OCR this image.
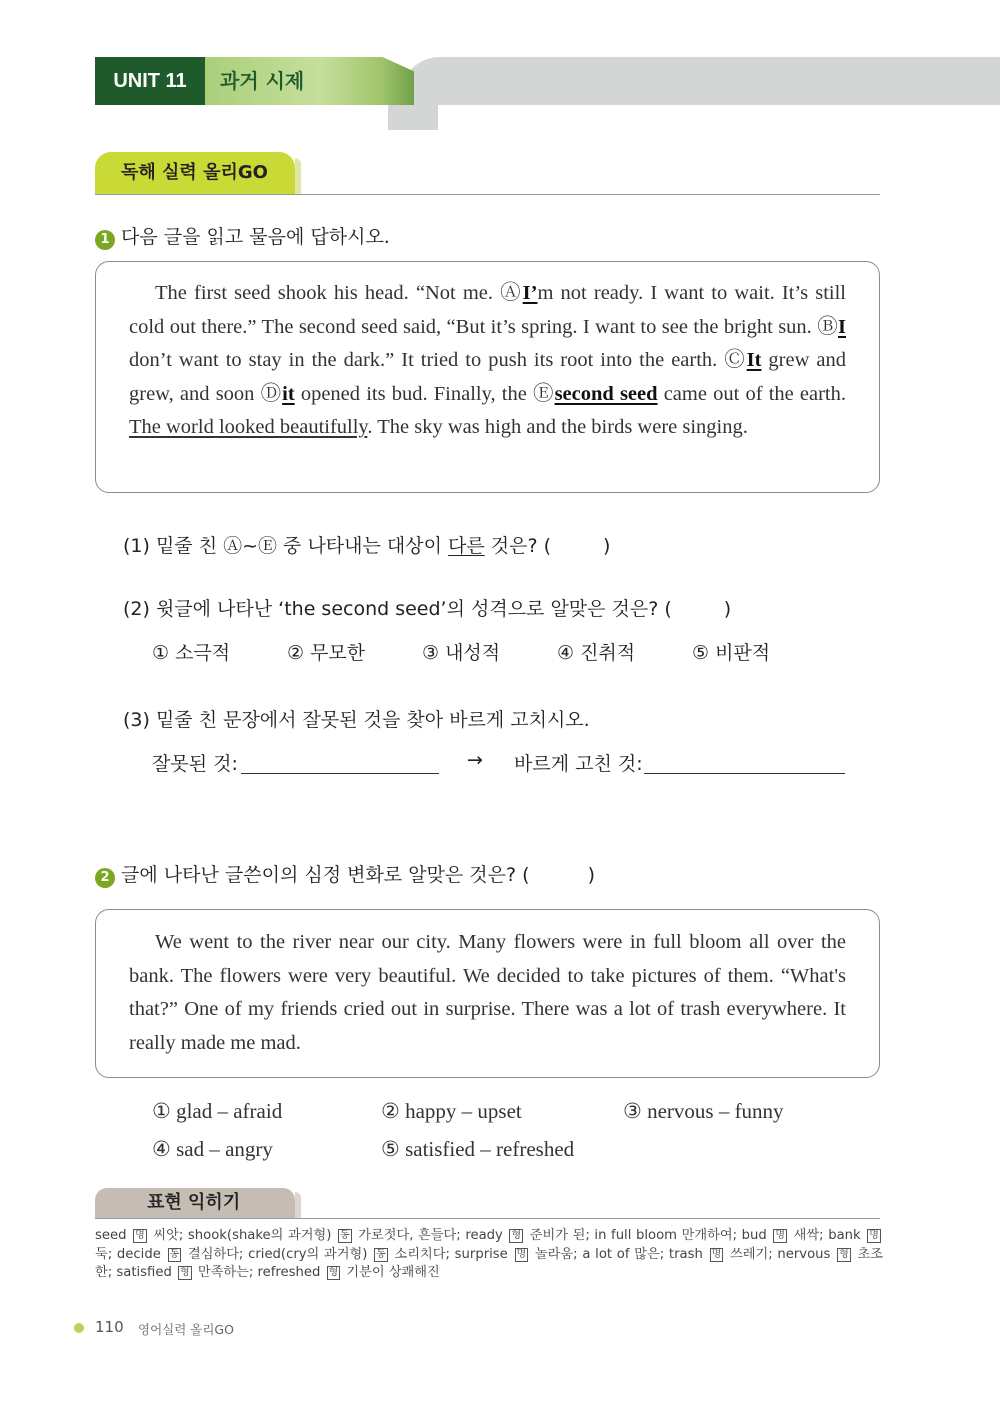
UNIT 11	과거 시제
독해 실력 올리GO
1 다음 글을 읽고 물음에 답하시오.
The first seed shook his head. “Not me. ⒶI’m not ready. I want to wait. It’s still cold out there.” The second seed said, “But it’s spring. I want to see the bright sun. ⒷI don’t want to stay in the dark.” It tried to push its root into the earth. ⒸIt grew and grew, and soon Ⓓit opened its bud. Finally, the Ⓔsecond seed came out of the earth. The world looked beautifully. The sky was high and the birds were singing.
(1) 밑줄 친 Ⓐ~Ⓔ 중 나타내는 대상이 다른 것은? (	)
(2) 윗글에 나타난 ‘the second seed’의 성격으로 알맞은 것은? (	)
① 소극적	② 무모한	③ 내성적	④ 진취적	⑤ 비판적
(3) 밑줄 친 문장에서 잘못된 것을 찾아 바르게 고치시오.
잘못된 것:	→ 바르게 고친 것:
2 글에 나타난 글쓴이의 심정 변화로 알맞은 것은? (	)
We went to the river near our city. Many flowers were in full bloom all over the bank. The flowers were very beautiful. We decided to take pictures of them. “What's that?” One of my friends cried out in surprise. There was a lot of trash everywhere. It really made me mad.
① glad – afraid	② happy – upset	③ nervous – funny
④ sad – angry	⑤ satisfied – refreshed
표현 익히기
seed 명 씨앗; shook(shake의 과거형) 동 가로젓다, 흔들다; ready 형 준비가 된; in full bloom 만개하여; bud 명 새싹; bank 명 둑; decide 동 결심하다; cried(cry의 과거형) 동 소리치다; surprise 명 놀라움; a lot of 많은; trash 명 쓰레기; nervous 형 초조한; satisfied 형 만족하는; refreshed 형 기분이 상쾌해진
110 영어실력 올리GO
